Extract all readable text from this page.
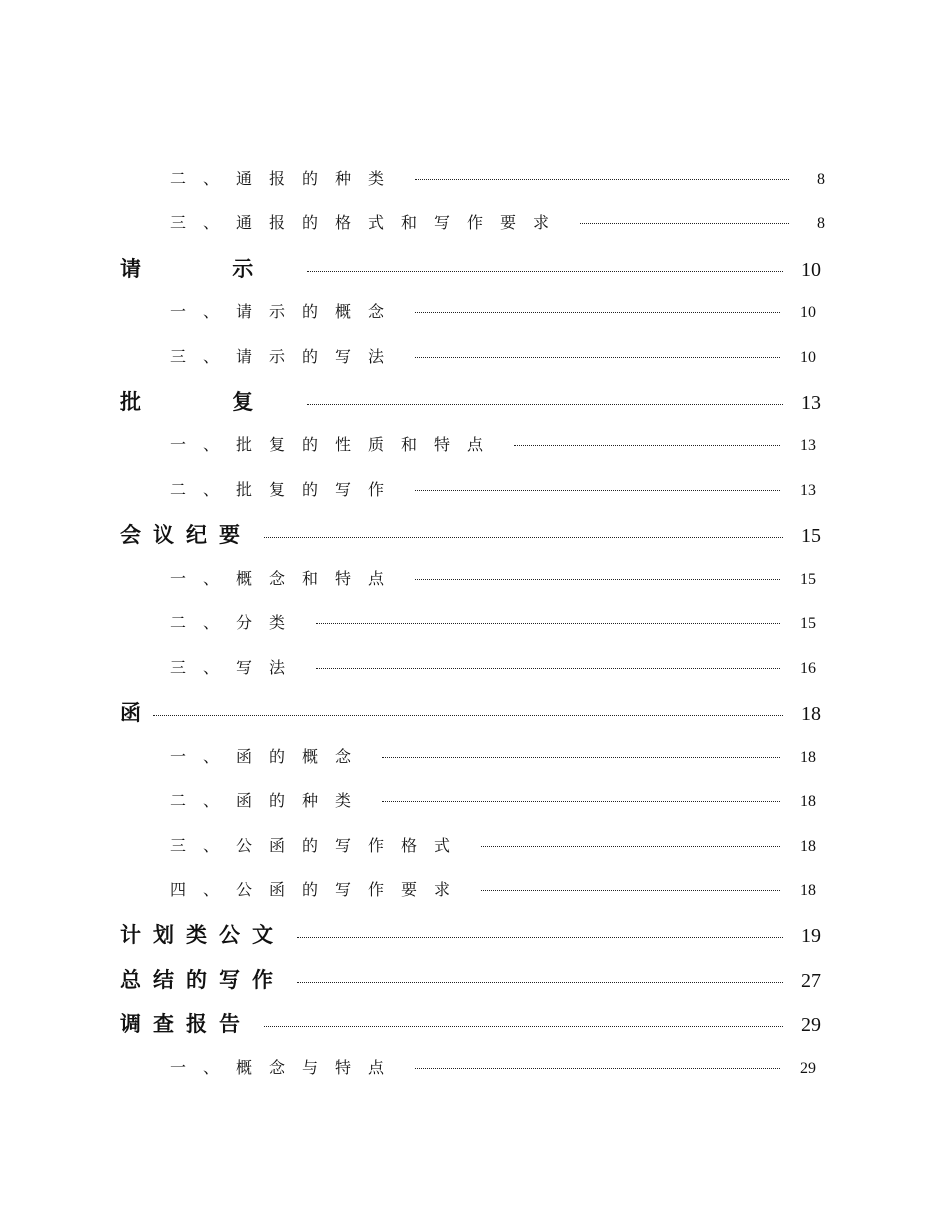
二、通报的种类	8
三、通报的格式和写作要求	8
请 示	10
一、请示的概念	10
三、请示的写法	10
批 复	13
一、批复的性质和特点	13
二、批复的写作	13
会议纪要	15
一、概念和特点	15
二、分类	15
三、写法	16
函	18
一、函的概念	18
二、函的种类	18
三、公函的写作格式	18
四、公函的写作要求	18
计划类公文	19
总结的写作	27
调查报告	29
一、概念与特点	29
